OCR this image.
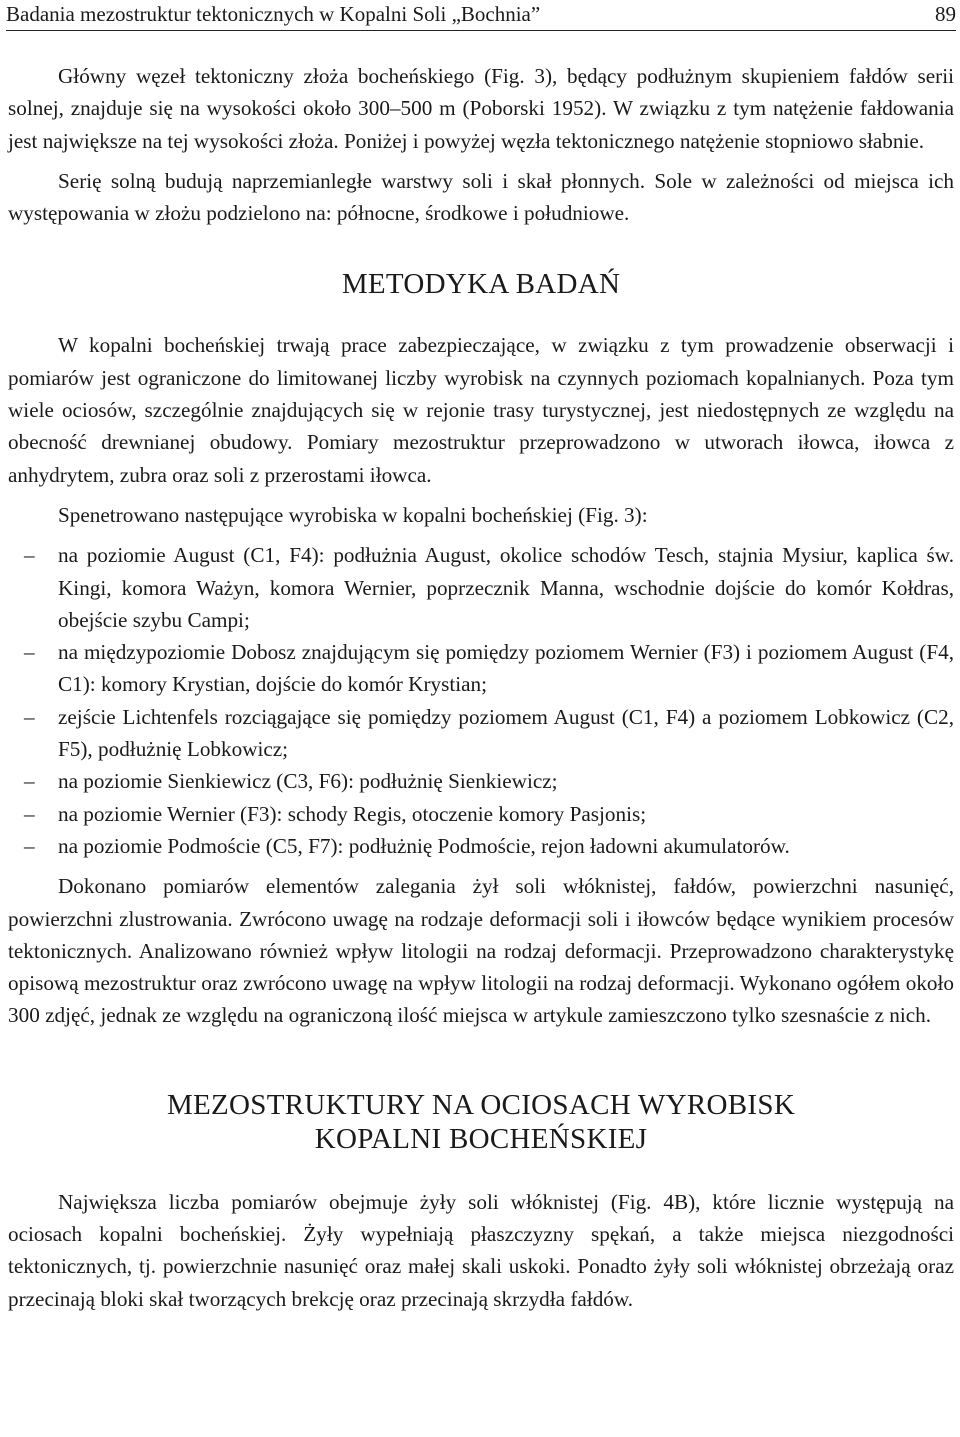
Badania mezostruktur tektonicznych w Kopalni Soli „Bochnia”	89

Główny węzeł tektoniczny złoża bocheńskiego (Fig. 3), będący podłużnym skupieniem fałdów serii solnej, znajduje się na wysokości około 300–500 m (Poborski 1952). W związku z tym natężenie fałdowania jest największe na tej wysokości złoża. Poniżej i powyżej węzła tektonicznego natężenie stopniowo słabnie.

Serię solną budują naprzemianległe warstwy soli i skał płonnych. Sole w zależności od miejsca ich występowania w złożu podzielono na: północne, środkowe i południowe.

METODYKA BADAŃ

W kopalni bocheńskiej trwają prace zabezpieczające, w związku z tym prowadzenie obserwacji i pomiarów jest ograniczone do limitowanej liczby wyrobisk na czynnych poziomach kopalnianych. Poza tym wiele ociosów, szczególnie znajdujących się w rejonie trasy turystycznej, jest niedostępnych ze względu na obecność drewnianej obudowy. Pomiary mezostruktur przeprowadzono w utworach iłowca, iłowca z anhydrytem, zubra oraz soli z przerostami iłowca.

Spenetrowano następujące wyrobiska w kopalni bocheńskiej (Fig. 3):

– na poziomie August (C1, F4): podłużnia August, okolice schodów Tesch, stajnia Mysiur, kaplica św. Kingi, komora Ważyn, komora Wernier, poprzecznik Manna, wschodnie dojście do komór Kołdras, obejście szybu Campi;
– na międzypoziomie Dobosz znajdującym się pomiędzy poziomem Wernier (F3) i poziomem August (F4, C1): komory Krystian, dojście do komór Krystian;
– zejście Lichtenfels rozciągające się pomiędzy poziomem August (C1, F4) a poziomem Lobkowicz (C2, F5), podłużnię Lobkowicz;
– na poziomie Sienkiewicz (C3, F6): podłużnię Sienkiewicz;
– na poziomie Wernier (F3): schody Regis, otoczenie komory Pasjonis;
– na poziomie Podmoście (C5, F7): podłużnię Podmoście, rejon ładowni akumulatorów.

Dokonano pomiarów elementów zalegania żył soli włóknistej, fałdów, powierzchni nasunięć, powierzchni zlustrowania. Zwrócono uwagę na rodzaje deformacji soli i iłowców będące wynikiem procesów tektonicznych. Analizowano również wpływ litologii na rodzaj deformacji. Przeprowadzono charakterystykę opisową mezostruktur oraz zwrócono uwagę na wpływ litologii na rodzaj deformacji. Wykonano ogółem około 300 zdjęć, jednak ze względu na ograniczoną ilość miejsca w artykule zamieszczono tylko szesnaście z nich.

MEZOSTRUKTURY NA OCIOSACH WYROBISK
KOPALNI BOCHEŃSKIEJ

Największa liczba pomiarów obejmuje żyły soli włóknistej (Fig. 4B), które licznie występują na ociosach kopalni bocheńskiej. Żyły wypełniają płaszczyzny spękań, a także miejsca niezgodności tektonicznych, tj. powierzchnie nasunięć oraz małej skali uskoki. Ponadto żyły soli włóknistej obrzeżają oraz przecinają bloki skał tworzących brekcję oraz przecinają skrzydła fałdów.
